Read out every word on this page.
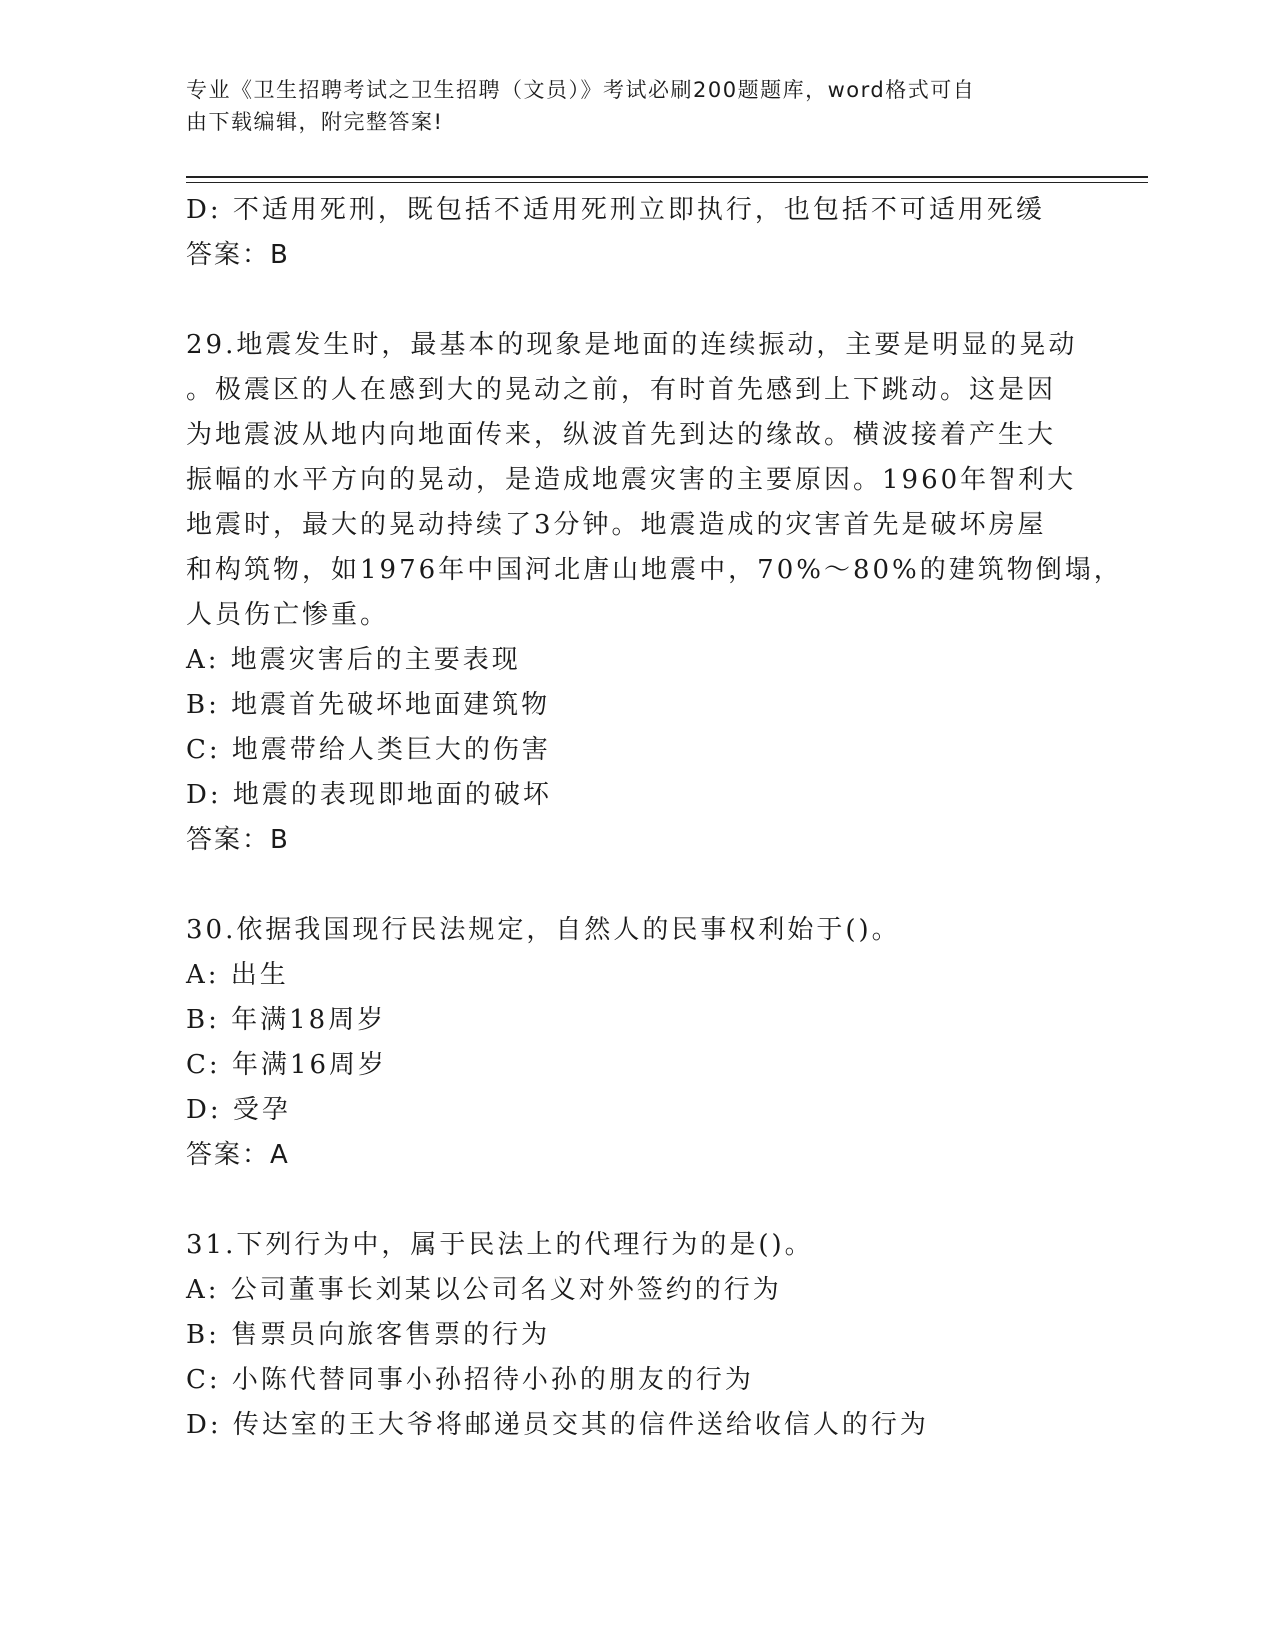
专业《卫生招聘考试之卫生招聘（文员）》考试必刷200题题库，word格式可自
由下载编辑，附完整答案!
D: 不适用死刑，既包括不适用死刑立即执行，也包括不可适用死缓
答案：B
29.地震发生时，最基本的现象是地面的连续振动，主要是明显的晃动
。极震区的人在感到大的晃动之前，有时首先感到上下跳动。这是因
为地震波从地内向地面传来，纵波首先到达的缘故。横波接着产生大
振幅的水平方向的晃动，是造成地震灾害的主要原因。1960年智利大
地震时，最大的晃动持续了3分钟。地震造成的灾害首先是破坏房屋
和构筑物，如1976年中国河北唐山地震中，70%～80%的建筑物倒塌，
人员伤亡惨重。
A: 地震灾害后的主要表现
B: 地震首先破坏地面建筑物
C: 地震带给人类巨大的伤害
D: 地震的表现即地面的破坏
答案：B
30.依据我国现行民法规定，自然人的民事权利始于()。
A: 出生
B: 年满18周岁
C: 年满16周岁
D: 受孕
答案：A
31.下列行为中，属于民法上的代理行为的是()。
A: 公司董事长刘某以公司名义对外签约的行为
B: 售票员向旅客售票的行为
C: 小陈代替同事小孙招待小孙的朋友的行为
D: 传达室的王大爷将邮递员交其的信件送给收信人的行为
